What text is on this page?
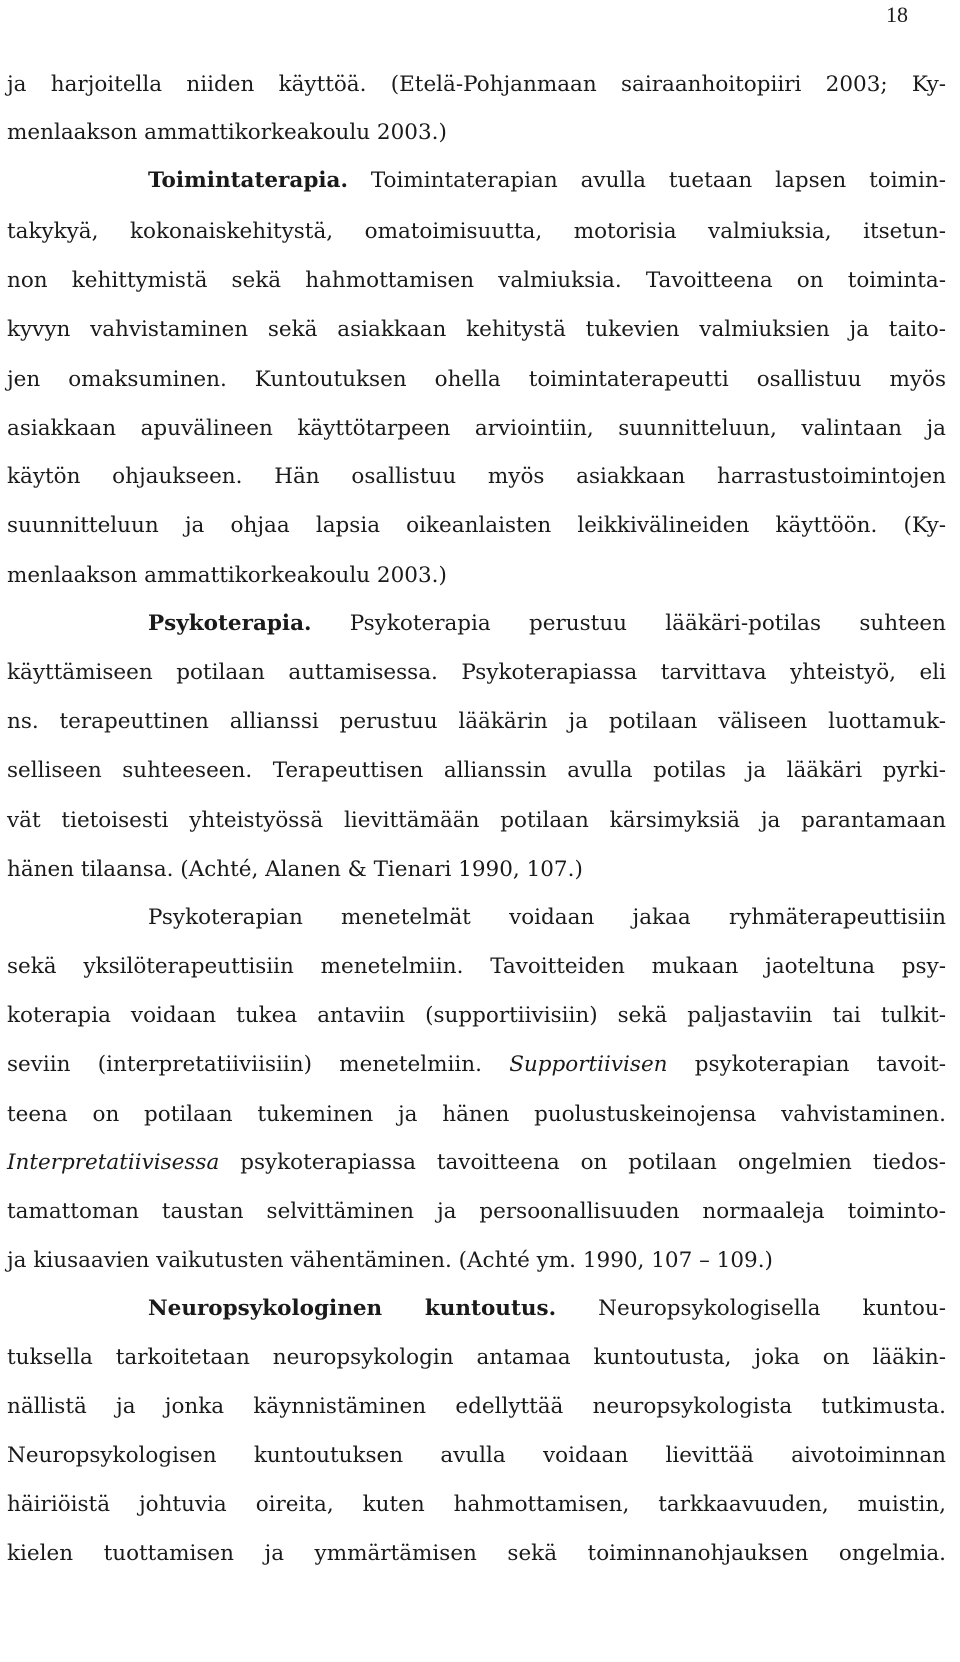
18
ja harjoitella niiden käyttöä. (Etelä-Pohjanmaan sairaanhoitopiiri 2003; Ky-
menlaakson ammattikorkeakoulu 2003.)
Toimintaterapia. Toimintaterapian avulla tuetaan lapsen toimin-
takykyä, kokonaiskehitystä, omatoimisuutta, motorisia valmiuksia, itsetun-
non kehittymistä sekä hahmottamisen valmiuksia. Tavoitteena on toiminta-
kyvyn vahvistaminen sekä asiakkaan kehitystä tukevien valmiuksien ja taito-
jen omaksuminen. Kuntoutuksen ohella toimintaterapeutti osallistuu myös
asiakkaan apuvälineen käyttötarpeen arviointiin, suunnitteluun, valintaan ja
käytön ohjaukseen. Hän osallistuu myös asiakkaan harrastustoimintojen
suunnitteluun ja ohjaa lapsia oikeanlaisten leikkivälineiden käyttöön. (Ky-
menlaakson ammattikorkeakoulu 2003.)
Psykoterapia. Psykoterapia perustuu lääkäri-potilas suhteen
käyttämiseen potilaan auttamisessa. Psykoterapiassa tarvittava yhteistyö, eli
ns. terapeuttinen allianssi perustuu lääkärin ja potilaan väliseen luottamuk-
selliseen suhteeseen. Terapeuttisen allianssin avulla potilas ja lääkäri pyrki-
vät tietoisesti yhteistyössä lievittämään potilaan kärsimyksiä ja parantamaan
hänen tilaansa. (Achté, Alanen & Tienari 1990, 107.)
Psykoterapian menetelmät voidaan jakaa ryhmäterapeuttisiin
sekä yksilöterapeuttisiin menetelmiin. Tavoitteiden mukaan jaoteltuna psy-
koterapia voidaan tukea antaviin (supportiivisiin) sekä paljastaviin tai tulkit-
seviin (interpretatiiviisiin) menetelmiin. Supportiivisen psykoterapian tavoit-
teena on potilaan tukeminen ja hänen puolustuskeinojensa vahvistaminen.
Interpretatiivisessa psykoterapiassa tavoitteena on potilaan ongelmien tiedos-
tamattoman taustan selvittäminen ja persoonallisuuden normaaleja toiminto-
ja kiusaavien vaikutusten vähentäminen. (Achté ym. 1990, 107 – 109.)
Neuropsykologinen kuntoutus. Neuropsykologisella kuntou-
tuksella tarkoitetaan neuropsykologin antamaa kuntoutusta, joka on lääkin-
nällistä ja jonka käynnistäminen edellyttää neuropsykologista tutkimusta.
Neuropsykologisen kuntoutuksen avulla voidaan lievittää aivotoiminnan
häiriöistä johtuvia oireita, kuten hahmottamisen, tarkkaavuuden, muistin,
kielen tuottamisen ja ymmärtämisen sekä toiminnanohjauksen ongelmia.
